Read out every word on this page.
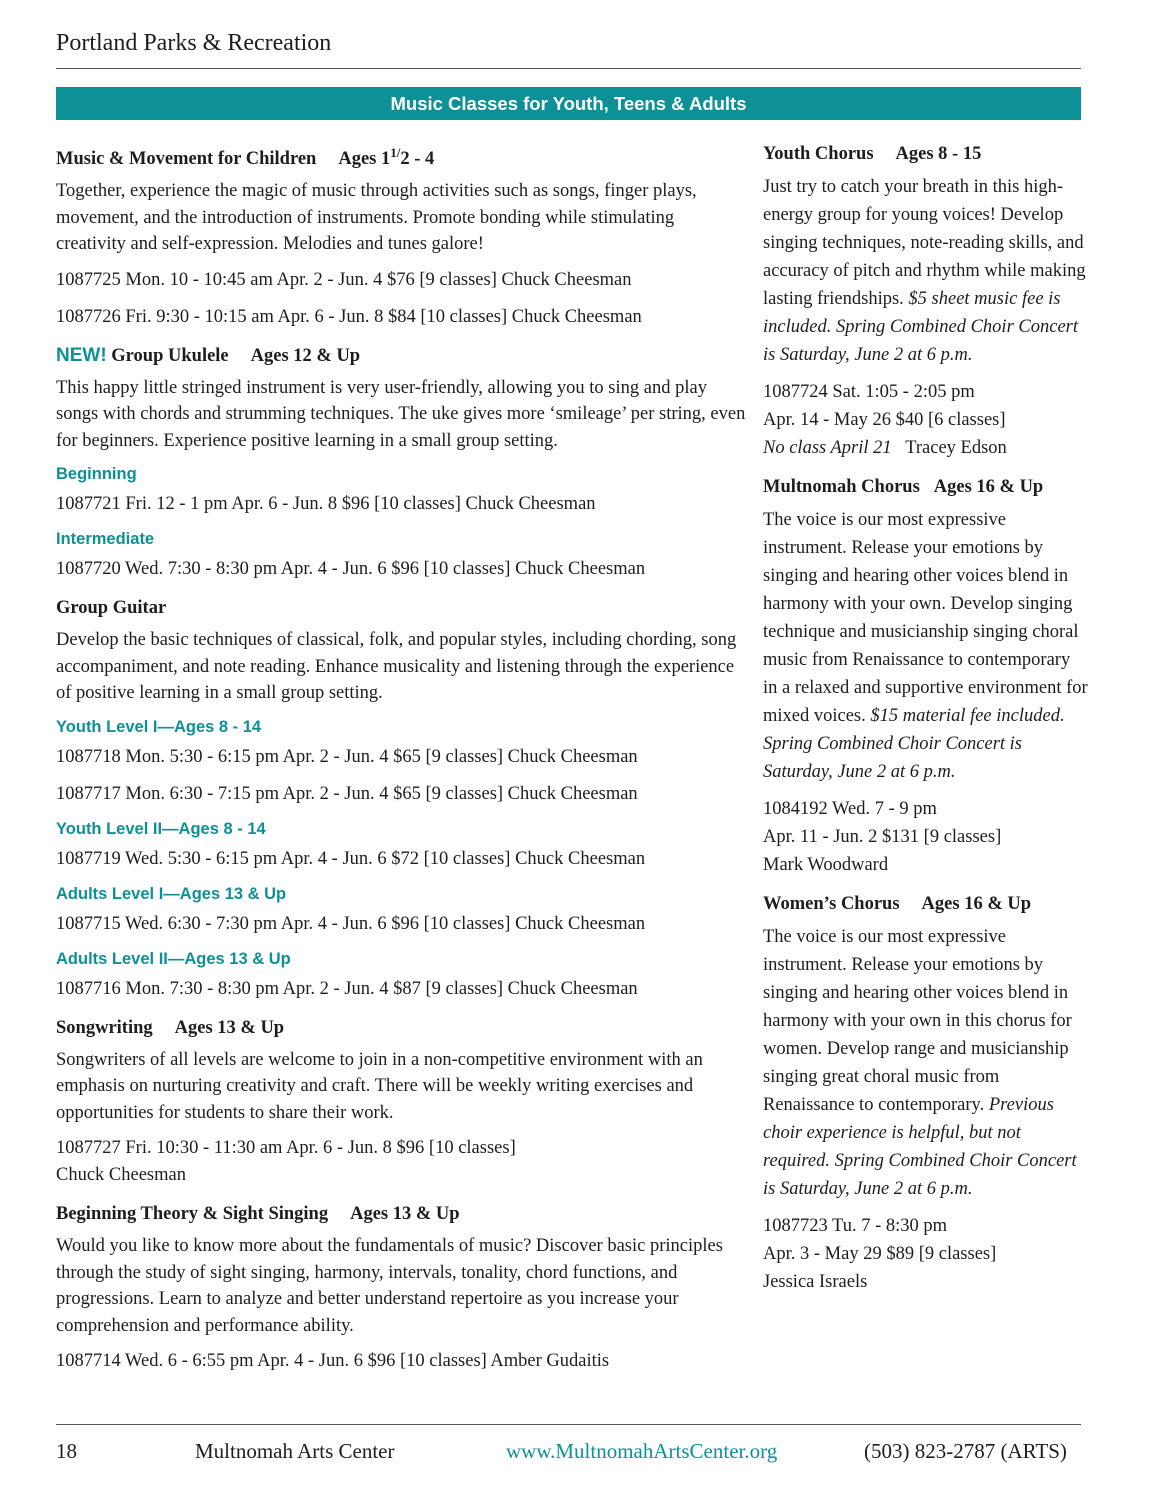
Portland Parks & Recreation
Music Classes for Youth, Teens & Adults
Music & Movement for Children Ages $1^{1/}2 - 4$

Together, experience the magic of music through activities such as songs, finger plays, movement, and the introduction of instruments. Promote bonding while stimulating creativity and self-expression. Melodies and tunes galore!

1087725 Mon. 10 - 10:45 am Apr. 2 - Jun. 4 $76 [9 classes] Chuck Cheesman
1087726 Fri. 9:30 - 10:15 am Apr. 6 - Jun. 8 $84 [10 classes] Chuck Cheesman
NEW! Group Ukulele Ages 12 & Up

This happy little stringed instrument is very user-friendly, allowing you to sing and play songs with chords and strumming techniques. The uke gives more ‘smileage’ per string, even for beginners. Experience positive learning in a small group setting.

Beginning
1087721 Fri. 12 - 1 pm Apr. 6 - Jun. 8 $96 [10 classes] Chuck Cheesman
Intermediate
1087720 Wed. 7:30 - 8:30 pm Apr. 4 - Jun. 6 $96 [10 classes] Chuck Cheesman
Group Guitar

Develop the basic techniques of classical, folk, and popular styles, including chording, song accompaniment, and note reading. Enhance musicality and listening through the experience of positive learning in a small group setting.

Youth Level I—Ages 8 - 14
1087718 Mon. 5:30 - 6:15 pm Apr. 2 - Jun. 4 $65 [9 classes] Chuck Cheesman
1087717 Mon. 6:30 - 7:15 pm Apr. 2 - Jun. 4 $65 [9 classes] Chuck Cheesman
Youth Level II—Ages 8 - 14
1087719 Wed. 5:30 - 6:15 pm Apr. 4 - Jun. 6 $72 [10 classes] Chuck Cheesman
Adults Level I—Ages 13 & Up
1087715 Wed. 6:30 - 7:30 pm Apr. 4 - Jun. 6 $96 [10 classes] Chuck Cheesman
Adults Level II—Ages 13 & Up
1087716 Mon. 7:30 - 8:30 pm Apr. 2 - Jun. 4 $87 [9 classes] Chuck Cheesman
Songwriting Ages 13 & Up

Songwriters of all levels are welcome to join in a non-competitive environment with an emphasis on nurturing creativity and craft. There will be weekly writing exercises and opportunities for students to share their work.

1087727 Fri. 10:30 - 11:30 am Apr. 6 - Jun. 8 $96 [10 classes]
Chuck Cheesman
Beginning Theory & Sight Singing Ages 13 & Up

Would you like to know more about the fundamentals of music? Discover basic principles through the study of sight singing, harmony, intervals, tonality, chord functions, and progressions. Learn to analyze and better understand repertoire as you increase your comprehension and performance ability.

1087714 Wed. 6 - 6:55 pm Apr. 4 - Jun. 6 $96 [10 classes] Amber Gudaitis
Youth Chorus Ages 8 - 15

Just try to catch your breath in this high-energy group for young voices! Develop singing techniques, note-reading skills, and accuracy of pitch and rhythm while making lasting friendships. $5 sheet music fee is included. Spring Combined Choir Concert is Saturday, June 2 at 6 p.m.

1087724 Sat. 1:05 - 2:05 pm
Apr. 14 - May 26 $40 [6 classes]
No class April 21 Tracey Edson
Multnomah Chorus Ages 16 & Up

The voice is our most expressive instrument. Release your emotions by singing and hearing other voices blend in harmony with your own. Develop singing technique and musicianship singing choral music from Renaissance to contemporary in a relaxed and supportive environment for mixed voices. $15 material fee included. Spring Combined Choir Concert is Saturday, June 2 at 6 p.m.

1084192 Wed. 7 - 9 pm
Apr. 11 - Jun. 2 $131 [9 classes]
Mark Woodward
Women’s Chorus Ages 16 & Up

The voice is our most expressive instrument. Release your emotions by singing and hearing other voices blend in harmony with your own in this chorus for women. Develop range and musicianship singing great choral music from Renaissance to contemporary. Previous choir experience is helpful, but not required. Spring Combined Choir Concert is Saturday, June 2 at 6 p.m.

1087723 Tu. 7 - 8:30 pm
Apr. 3 - May 29 $89 [9 classes]
Jessica Israels
18	Multnomah Arts Center	www.MultnomahArtsCenter.org	(503) 823-2787 (ARTS)
